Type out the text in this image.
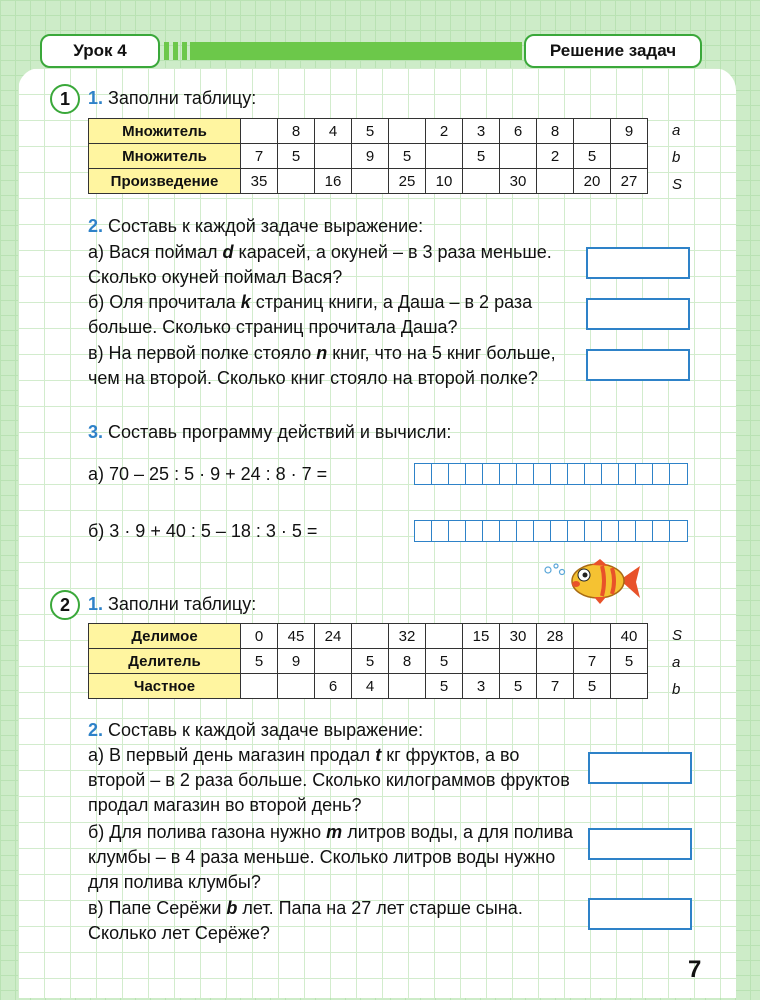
Урок 4	Решение задач
1	1. Заполни таблицу:
Множитель		8	4	5		2	3	6	8		9
Множитель	7	5		9	5		5		2	5	
Произведение	35		16		25	10		30		20	27
a
b
S
2. Составь к каждой задаче выражение:
а) Вася поймал d карасей, а окуней – в 3 раза меньше. Сколько окуней поймал Вася?
б) Оля прочитала k страниц книги, а Даша – в 2 раза больше. Сколько страниц прочитала Даша?
в) На первой полке стояло n книг, что на 5 книг больше, чем на второй. Сколько книг стояло на второй полке?
3. Составь программу действий и вычисли:
а) 70 – 25 : 5 · 9 + 24 : 8 · 7 =
б) 3 · 9 + 40 : 5 – 18 : 3 · 5 =
2	1. Заполни таблицу:
Делимое	0	45	24		32		15	30	28		40
Делитель	5	9		5	8	5				7	5
Частное			6	4		5	3	5	7	5	
S
a
b
2. Составь к каждой задаче выражение:
а) В первый день магазин продал t кг фруктов, а во второй – в 2 раза больше. Сколько килограммов фруктов продал магазин во второй день?
б) Для полива газона нужно m литров воды, а для полива клумбы – в 4 раза меньше. Сколько литров воды нужно для полива клумбы?
в) Папе Серёжи b лет. Папа на 27 лет старше сына. Сколько лет Серёже?
7
